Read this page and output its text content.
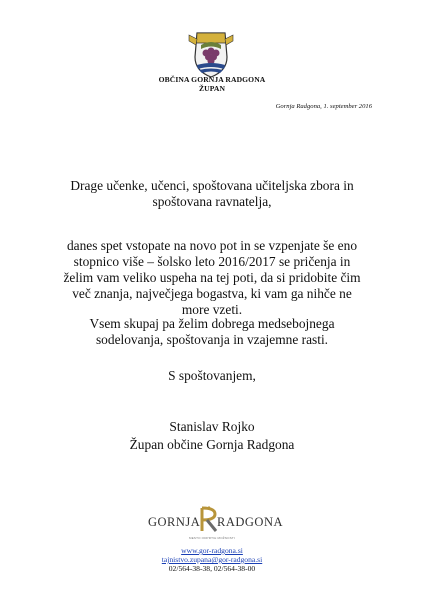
OBČINA GORNJA RADGONA
ŽUPAN
Gornja Radgona, 1. september 2016
Drage učenke, učenci, spoštovana učiteljska zbora in
spoštovana ravnatelja,
danes spet vstopate na novo pot in se vzpenjate še eno
stopnico više – šolsko leto 2016/2017 se pričenja in
želim vam veliko uspeha na tej poti, da si pridobite čim
več znanja, največjega bogastva, ki vam ga nihče ne
more vzeti.
Vsem skupaj pa želim dobrega medsebojnega
sodelovanja, spoštovanja in vzajemne rasti.
S spoštovanjem,
Stanislav Rojko
Župan občine Gornja Radgona
GORNJA RADGONA
MESTO ODPRTIH MOŽNOSTI
www.gor-radgona.si
tajnistvo.zupana@gor-radgona.si
02/564-38-38, 02/564-38-00
